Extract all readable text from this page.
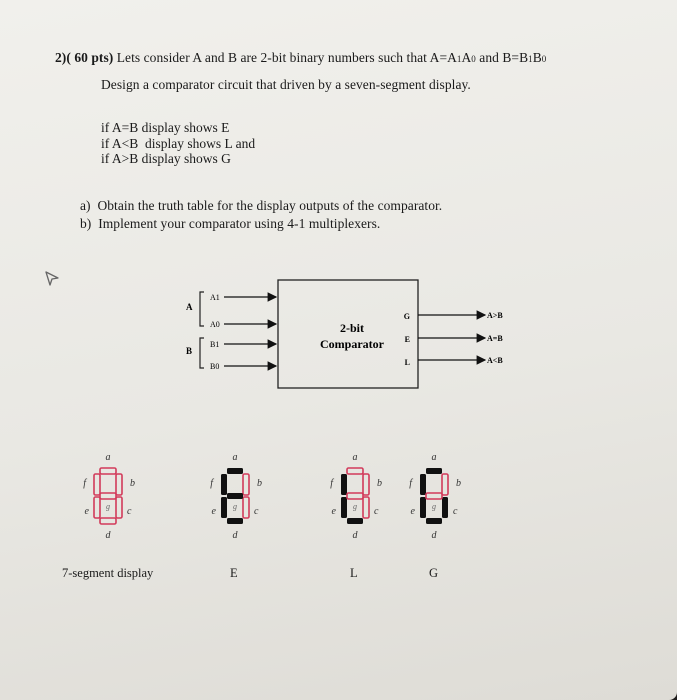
2)( 60 pts) Lets consider A and B are 2-bit binary numbers such that A=A1A0 and B=B1B0
Design a comparator circuit that driven by a seven-segment display.
if A=B display shows E
if A<B  display shows L and
if A>B display shows G
a)  Obtain the truth table for the display outputs of the comparator.
b)  Implement your comparator using 4-1 multiplexers.
2-bit
Comparator
A
A1
A0
B
B1
B0
G
E
L
A>B
A=B
A<B
a
b
c
d
e
f
g
7-segment display
a
b
c
d
e
f
g
E
a
b
c
d
e
f
g
L
a
b
c
d
e
f
g
G
